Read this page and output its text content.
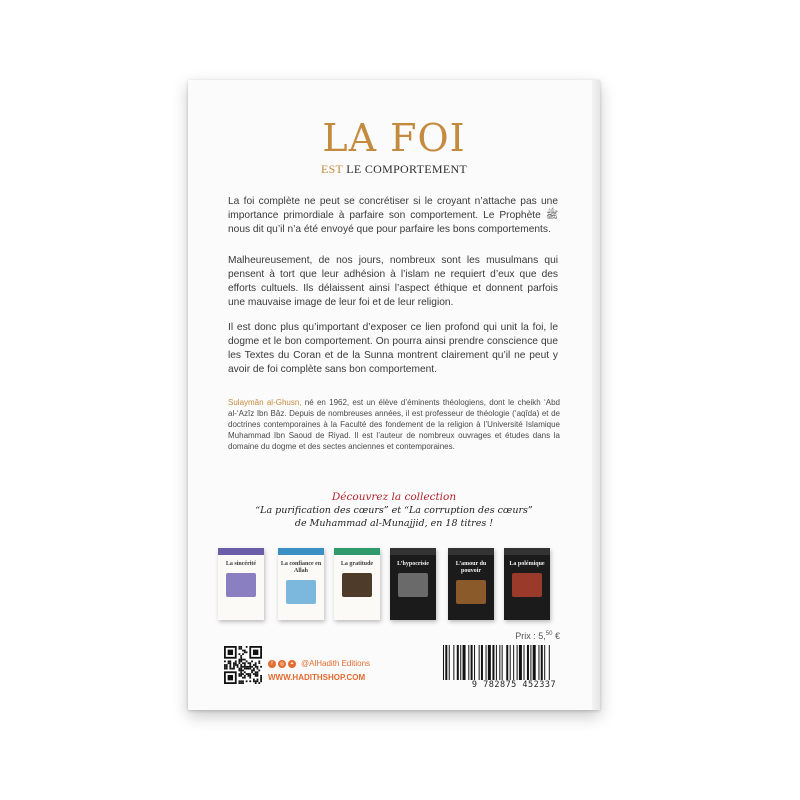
LA FOI
EST LE COMPORTEMENT

La foi complète ne peut se concrétiser si le croyant n’attache pas une importance primordiale à parfaire son comportement. Le Prophète ﷺ nous dit qu’il n’a été envoyé que pour parfaire les bons comportements.

Malheureusement, de nos jours, nombreux sont les musulmans qui pensent à tort que leur adhésion à l’islam ne requiert d’eux que des efforts cultuels. Ils délaissent ainsi l’aspect éthique et donnent parfois une mauvaise image de leur foi et de leur religion.

Il est donc plus qu’important d’exposer ce lien profond qui unit la foi, le dogme et le bon comportement. On pourra ainsi prendre conscience que les Textes du Coran et de la Sunna montrent clairement qu’il ne peut y avoir de foi complète sans bon comportement.

Sulaymân al-Ghusn, né en 1962, est un élève d’éminents théologiens, dont le cheikh ‘Abd al-‘Azîz Ibn Bâz. Depuis de nombreuses années, il est professeur de théologie (‘aqîda) et de doctrines contemporaines à la Faculté des fondement de la religion à l’Université Islamique Muhammad Ibn Saoud de Riyad. Il est l’auteur de nombreux ouvrages et études dans la domaine du dogme et des sectes anciennes et contemporaines.

Découvrez la collection
“La purification des cœurs” et “La corruption des cœurs”
de Muhammad al-Munajjid, en 18 titres !
La sincérité	La confiance en Allah
La gratitude	L’hypocrisie	L’amour du pouvoir
La polémique
Prix : 5,50 €
f	◎	✦ @AlHadith Editions
WWW.HADITHSHOP.COM
9 782875 452337
